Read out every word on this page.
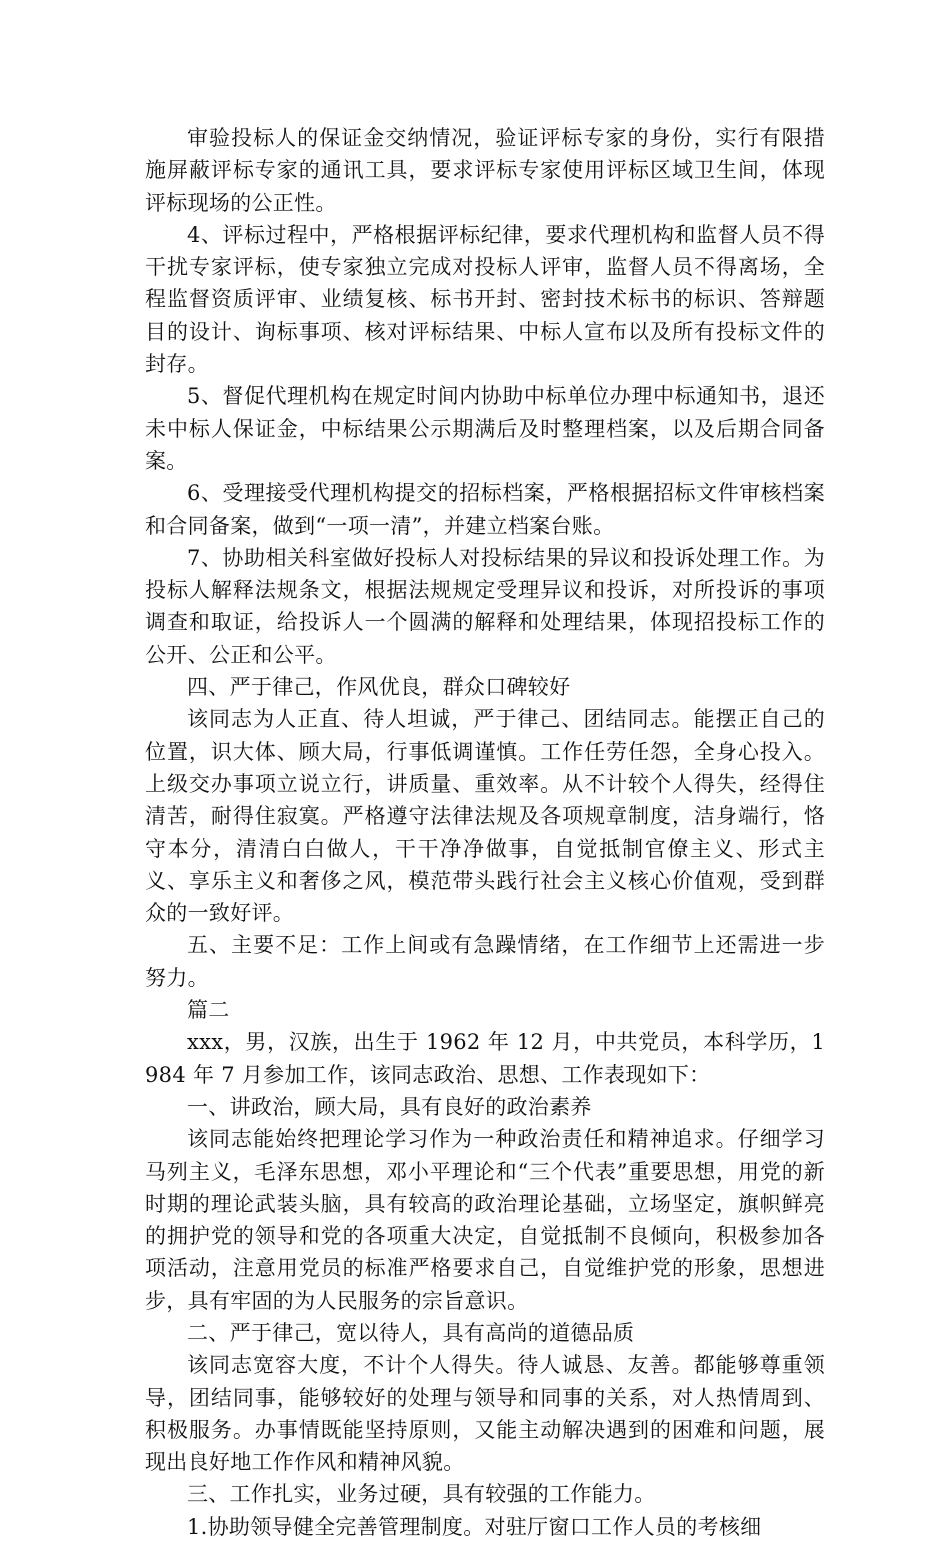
审验投标人的保证金交纳情况，验证评标专家的身份，实行有限措施屏蔽评标专家的通讯工具，要求评标专家使用评标区域卫生间，体现评标现场的公正性。

4、评标过程中，严格根据评标纪律，要求代理机构和监督人员不得干扰专家评标，使专家独立完成对投标人评审，监督人员不得离场，全程监督资质评审、业绩复核、标书开封、密封技术标书的标识、答辩题目的设计、询标事项、核对评标结果、中标人宣布以及所有投标文件的封存。

5、督促代理机构在规定时间内协助中标单位办理中标通知书，退还未中标人保证金，中标结果公示期满后及时整理档案，以及后期合同备案。

6、受理接受代理机构提交的招标档案，严格根据招标文件审核档案和合同备案，做到“一项一清”，并建立档案台账。

7、协助相关科室做好投标人对投标结果的异议和投诉处理工作。为投标人解释法规条文，根据法规规定受理异议和投诉，对所投诉的事项调查和取证，给投诉人一个圆满的解释和处理结果，体现招投标工作的公开、公正和公平。

四、严于律己，作风优良，群众口碑较好

该同志为人正直、待人坦诚，严于律己、团结同志。能摆正自己的位置，识大体、顾大局，行事低调谨慎。工作任劳任怨，全身心投入。上级交办事项立说立行，讲质量、重效率。从不计较个人得失，经得住清苦，耐得住寂寞。严格遵守法律法规及各项规章制度，洁身端行，恪守本分，清清白白做人，干干净净做事，自觉抵制官僚主义、形式主义、享乐主义和奢侈之风，模范带头践行社会主义核心价值观，受到群众的一致好评。

五、主要不足：工作上间或有急躁情绪，在工作细节上还需进一步努力。

篇二

xxx，男，汉族，出生于 1962 年 12 月，中共党员，本科学历，1984 年 7 月参加工作，该同志政治、思想、工作表现如下：

一、讲政治，顾大局，具有良好的政治素养

该同志能始终把理论学习作为一种政治责任和精神追求。仔细学习马列主义，毛泽东思想，邓小平理论和“三个代表”重要思想，用党的新时期的理论武装头脑，具有较高的政治理论基础，立场坚定，旗帜鲜亮的拥护党的领导和党的各项重大决定，自觉抵制不良倾向，积极参加各项活动，注意用党员的标准严格要求自己，自觉维护党的形象，思想进步，具有牢固的为人民服务的宗旨意识。

二、严于律己，宽以待人，具有高尚的道德品质

该同志宽容大度，不计个人得失。待人诚恳、友善。都能够尊重领导，团结同事，能够较好的处理与领导和同事的关系，对人热情周到、积极服务。办事情既能坚持原则，又能主动解决遇到的困难和问题，展现出良好地工作作风和精神风貌。

三、工作扎实，业务过硬，具有较强的工作能力。

1.协助领导健全完善管理制度。对驻厅窗口工作人员的考核细
